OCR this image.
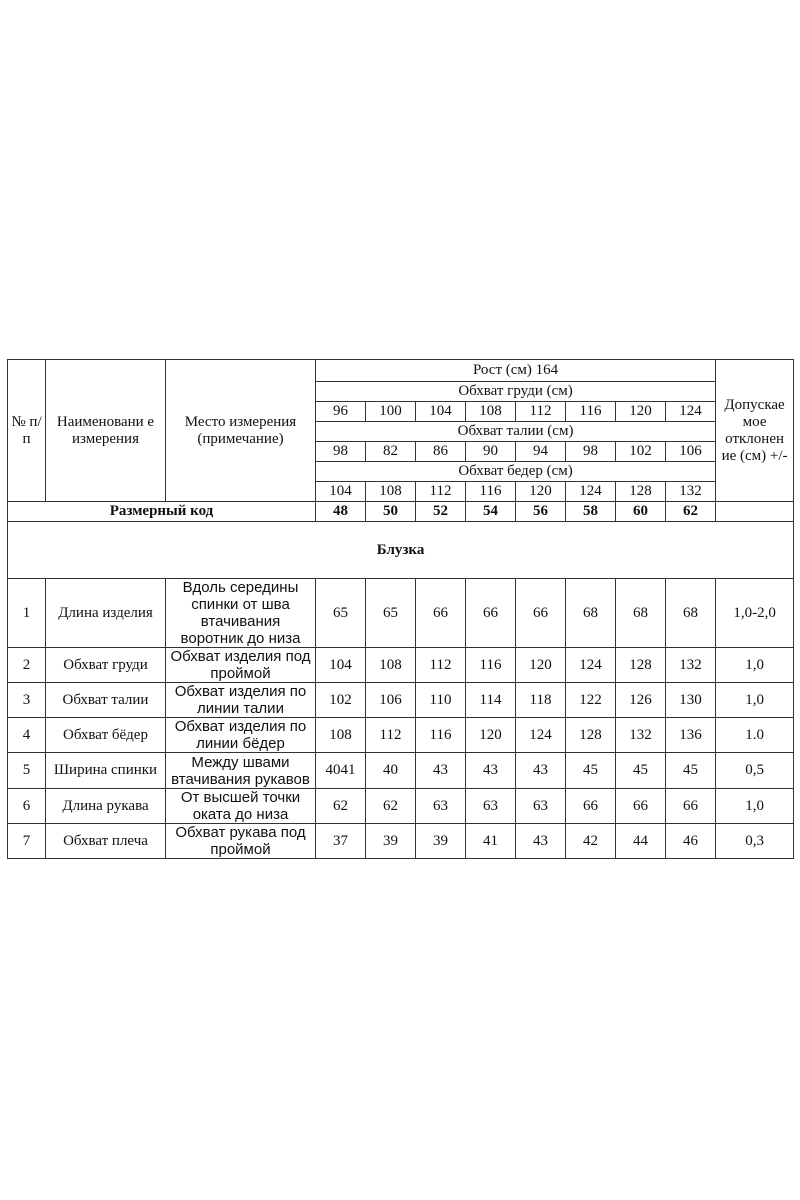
№ п/п	Наименовани е измерения	Место измерения (примечание)	Рост (см) 164								Допускае мое отклонен ие (см) +/-
			Обхват груди (см)								
			96	100	104	108	112	116	120	124	
			Обхват талии (см)								
			98	82	86	90	94	98	102	106	
			Обхват бедер (см)								
			104	108	112	116	120	124	128	132	
Размерный код			48	50	52	54	56	58	60	62	
Блузка											
1	Длина изделия	Вдоль середины спинки от шва втачивания воротник до низа	65	65	66	66	66	68	68	68	1,0-2,0
2	Обхват груди	Обхват изделия под проймой	104	108	112	116	120	124	128	132	1,0
3	Обхват талии	Обхват изделия по линии талии	102	106	110	114	118	122	126	130	1,0
4	Обхват бёдер	Обхват изделия по линии бёдер	108	112	116	120	124	128	132	136	1.0
5	Ширина спинки	Между швами втачивания рукавов	4041	40	43	43	43	45	45	45	0,5
6	Длина рукава	От высшей точки оката до низа	62	62	63	63	63	66	66	66	1,0
7	Обхват плеча	Обхват рукава под проймой	37	39	39	41	43	42	44	46	0,3
